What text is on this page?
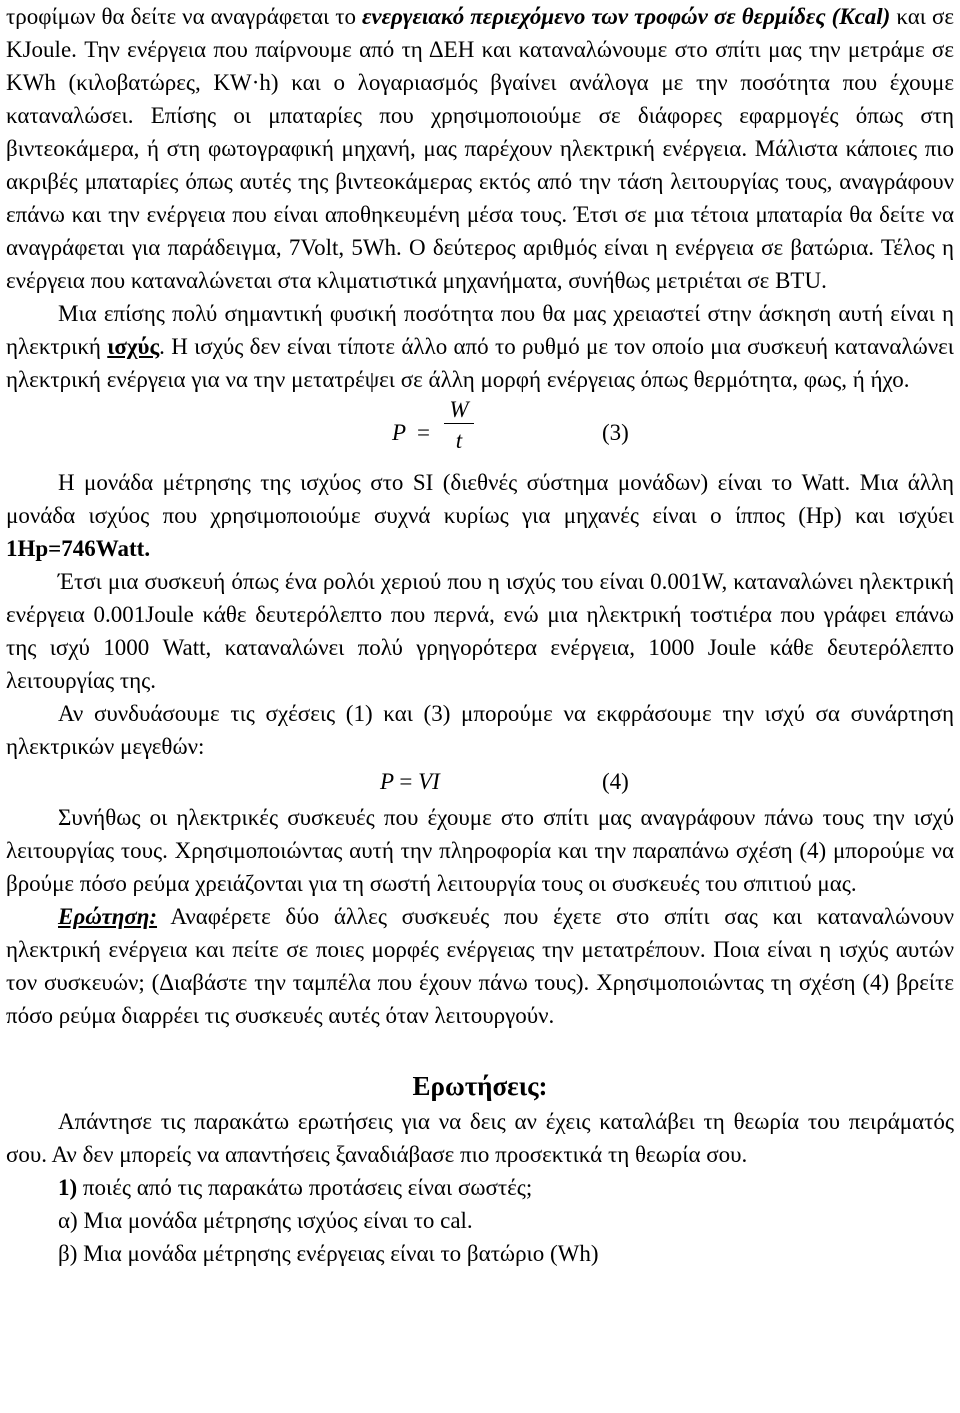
τροφίμων θα δείτε να αναγράφεται το ενεργειακό περιεχόμενο των τροφών σε θερμίδες (Kcal) και σε KJoule. Την ενέργεια που παίρνουμε από τη ΔΕΗ και καταναλώνουμε στο σπίτι μας την μετράμε σε KWh (κιλοβατώρες, KW·h) και ο λογαριασμός βγαίνει ανάλογα με την ποσότητα που έχουμε καταναλώσει. Επίσης οι μπαταρίες που χρησιμοποιούμε σε διάφορες εφαρμογές όπως στη βιντεοκάμερα, ή στη φωτογραφική μηχανή, μας παρέχουν ηλεκτρική ενέργεια. Μάλιστα κάποιες πιο ακριβές μπαταρίες όπως αυτές της βιντεοκάμερας εκτός από την τάση λειτουργίας τους, αναγράφουν επάνω και την ενέργεια που είναι αποθηκευμένη μέσα τους. Έτσι σε μια τέτοια μπαταρία θα δείτε να αναγράφεται για παράδειγμα, 7Volt, 5Wh. Ο δεύτερος αριθμός είναι η ενέργεια σε βατώρια. Τέλος η ενέργεια που καταναλώνεται στα κλιματιστικά μηχανήματα, συνήθως μετριέται σε BTU.

Μια επίσης πολύ σημαντική φυσική ποσότητα που θα μας χρειαστεί στην άσκηση αυτή είναι η ηλεκτρική ισχύς. Η ισχύς δεν είναι τίποτε άλλο από το ρυθμό με τον οποίο μια συσκευή καταναλώνει ηλεκτρική ενέργεια για να την μετατρέψει σε άλλη μορφή ενέργειας όπως θερμότητα, φως, ή ήχο.

P =
W
t	(3)

Η μονάδα μέτρησης της ισχύος στο SI (διεθνές σύστημα μονάδων) είναι το Watt. Μια άλλη μονάδα ισχύος που χρησιμοποιούμε συχνά κυρίως για μηχανές είναι ο ίππος (Hp) και ισχύει 1Hp=746Watt.

Έτσι μια συσκευή όπως ένα ρολόι χεριού που η ισχύς του είναι 0.001W, καταναλώνει ηλεκτρική ενέργεια 0.001Joule κάθε δευτερόλεπτο που περνά, ενώ μια ηλεκτρική τοστιέρα που γράφει επάνω της ισχύ 1000 Watt, καταναλώνει πολύ γρηγορότερα ενέργεια, 1000 Joule κάθε δευτερόλεπτο λειτουργίας της.

Αν συνδυάσουμε τις σχέσεις (1) και (3) μπορούμε να εκφράσουμε την ισχύ σα συνάρτηση ηλεκτρικών μεγεθών:

P = VI	(4)

Συνήθως οι ηλεκτρικές συσκευές που έχουμε στο σπίτι μας αναγράφουν πάνω τους την ισχύ λειτουργίας τους. Χρησιμοποιώντας αυτή την πληροφορία και την παραπάνω σχέση (4) μπορούμε να βρούμε πόσο ρεύμα χρειάζονται για τη σωστή λειτουργία τους οι συσκευές του σπιτιού μας.

Ερώτηση: Αναφέρετε δύο άλλες συσκευές που έχετε στο σπίτι σας και καταναλώνουν ηλεκτρική ενέργεια και πείτε σε ποιες μορφές ενέργειας την μετατρέπουν. Ποια είναι η ισχύς αυτών τον συσκευών; (Διαβάστε την ταμπέλα που έχουν πάνω τους). Χρησιμοποιώντας τη σχέση (4) βρείτε πόσο ρεύμα διαρρέει τις συσκευές αυτές όταν λειτουργούν.

Ερωτήσεις:

Απάντησε τις παρακάτω ερωτήσεις για να δεις αν έχεις καταλάβει τη θεωρία του πειράματός σου. Αν δεν μπορείς να απαντήσεις ξαναδιάβασε πιο προσεκτικά τη θεωρία σου.

1) ποιές από τις παρακάτω προτάσεις είναι σωστές;

α) Μια μονάδα μέτρησης ισχύος είναι το cal.

β) Μια μονάδα μέτρησης ενέργειας είναι το βατώριο (Wh)
